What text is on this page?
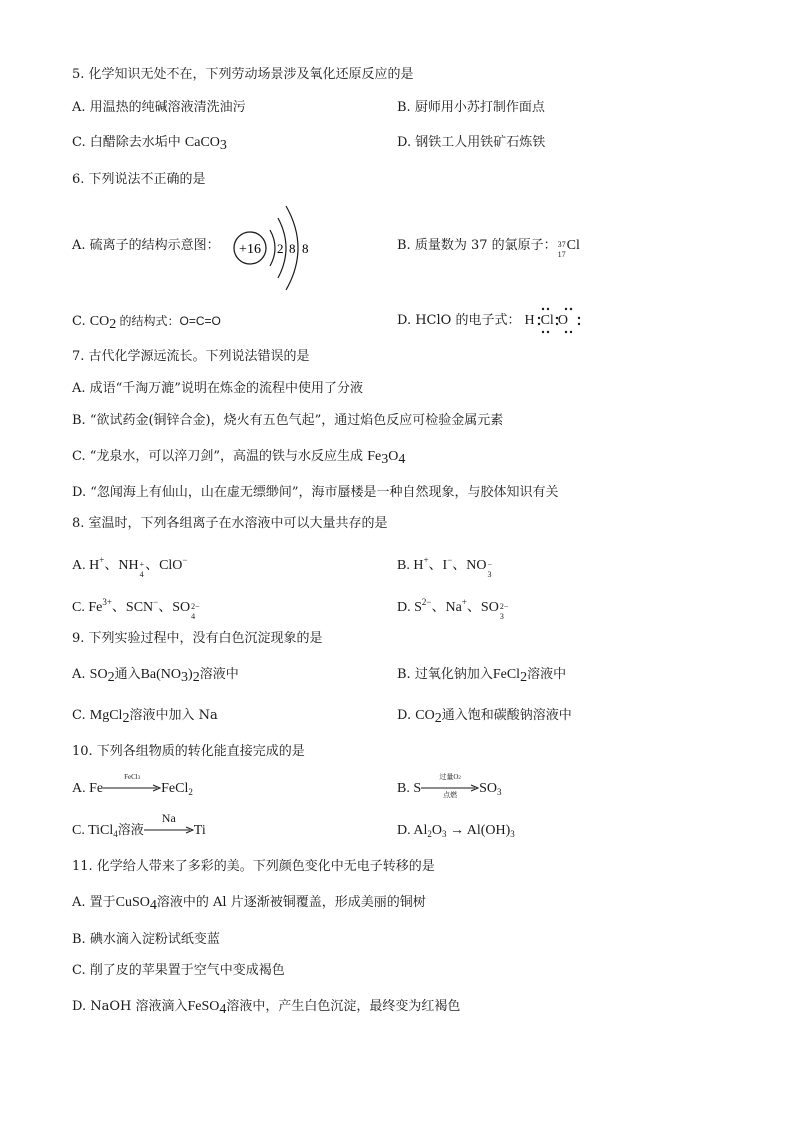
5. 化学知识无处不在，下列劳动场景涉及氧化还原反应的是
A. 用温热的纯碱溶液清洗油污	B. 厨师用小苏打制作面点
C. 白醋除去水垢中 CaCO3	D. 钢铁工人用铁矿石炼铁
6. 下列说法不正确的是
A. 硫离子的结构示意图： +16 2 8 8	B. 质量数为 37 的氯原子： 37
17
Cl
C. CO2 的结构式：O=C=O	D. HClO 的电子式： H Cl O
7. 古代化学源远流长。下列说法错误的是
A. 成语“千淘万漉”说明在炼金的流程中使用了分液
B. “欲试药金(铜锌合金)，烧火有五色气起”，通过焰色反应可检验金属元素
C. “龙泉水，可以淬刀剑”，高温的铁与水反应生成 Fe3O4
D. “忽闻海上有仙山，山在虚无缥缈间”，海市蜃楼是一种自然现象，与胶体知识有关
8. 室温时，下列各组离子在水溶液中可以大量共存的是
A. H+、NH +
4
、ClO−	B. H+、I−、NO −
3
C. $Fe^{3+}$、SCN−、SO 2−
4
D. $S^{2-}$、Na+、SO 2−
3
9. 下列实验过程中，没有白色沉淀现象的是
A. SO2通入Ba(NO3)2溶液中	B. 过氧化钠加入FeCl2溶液中
C. MgCl2溶液中加入 Na	D. CO2通入饱和碳酸钠溶液中
10. 下列各组物质的转化能直接完成的是
A. Fe
FeCl3
FeCl$_2$	B. S
过量O2
点燃	$SO_3$
C. TiCl$_4$溶液
Na
Ti	D. $Al_2O_3 \to Al(OH)_3$
11. 化学给人带来了多彩的美。下列颜色变化中无电子转移的是
A. 置于CuSO4溶液中的 Al 片逐渐被铜覆盖，形成美丽的铜树
B. 碘水滴入淀粉试纸变蓝
C. 削了皮的苹果置于空气中变成褐色
D. NaOH 溶液滴入FeSO4溶液中，产生白色沉淀，最终变为红褐色
